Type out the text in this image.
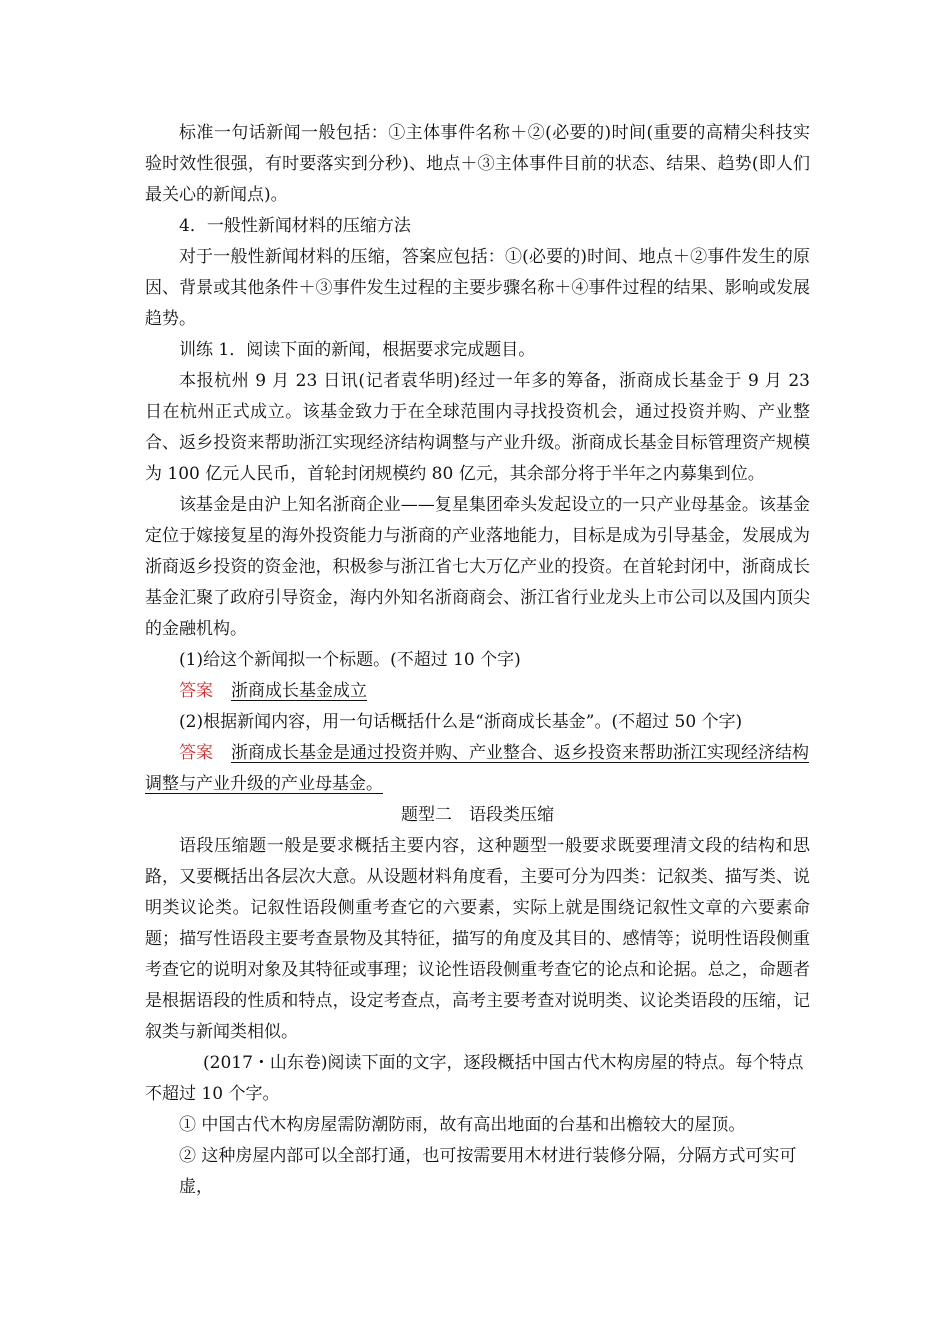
标准一句话新闻一般包括：①主体事件名称＋②(必要的)时间(重要的高精尖科技实验时效性很强，有时要落实到分秒)、地点＋③主体事件目前的状态、结果、趋势(即人们最关心的新闻点)。

4．一般性新闻材料的压缩方法

对于一般性新闻材料的压缩，答案应包括：①(必要的)时间、地点＋②事件发生的原因、背景或其他条件＋③事件发生过程的主要步骤名称＋④事件过程的结果、影响或发展趋势。

训练 1．阅读下面的新闻，根据要求完成题目。

本报杭州 9 月 23 日讯(记者袁华明)经过一年多的筹备，浙商成长基金于 9 月 23 日在杭州正式成立。该基金致力于在全球范围内寻找投资机会，通过投资并购、产业整合、返乡投资来帮助浙江实现经济结构调整与产业升级。浙商成长基金目标管理资产规模为 100 亿元人民币，首轮封闭规模约 80 亿元，其余部分将于半年之内募集到位。

该基金是由沪上知名浙商企业——复星集团牵头发起设立的一只产业母基金。该基金定位于嫁接复星的海外投资能力与浙商的产业落地能力，目标是成为引导基金，发展成为浙商返乡投资的资金池，积极参与浙江省七大万亿产业的投资。在首轮封闭中，浙商成长基金汇聚了政府引导资金，海内外知名浙商商会、浙江省行业龙头上市公司以及国内顶尖的金融机构。

(1)给这个新闻拟一个标题。(不超过 10 个字)

答案 浙商成长基金成立

(2)根据新闻内容，用一句话概括什么是“浙商成长基金”。(不超过 50 个字)

答案 浙商成长基金是通过投资并购、产业整合、返乡投资来帮助浙江实现经济结构

调整与产业升级的产业母基金。

题型二　语段类压缩

语段压缩题一般是要求概括主要内容，这种题型一般要求既要理清文段的结构和思路，又要概括出各层次大意。从设题材料角度看，主要可分为四类：记叙类、描写类、说明类议论类。记叙性语段侧重考查它的六要素，实际上就是围绕记叙性文章的六要素命题；描写性语段主要考查景物及其特征，描写的角度及其目的、感情等；说明性语段侧重考查它的说明对象及其特征或事理；议论性语段侧重考查它的论点和论据。总之，命题者是根据语段的性质和特点，设定考查点，高考主要考查对说明类、议论类语段的压缩，记叙类与新闻类相似。

(2017・山东卷)阅读下面的文字，逐段概括中国古代木构房屋的特点。每个特点不超过 10 个字。

① 中国古代木构房屋需防潮防雨，故有高出地面的台基和出檐较大的屋顶。

② 这种房屋内部可以全部打通，也可按需要用木材进行装修分隔，分隔方式可实可虚，
